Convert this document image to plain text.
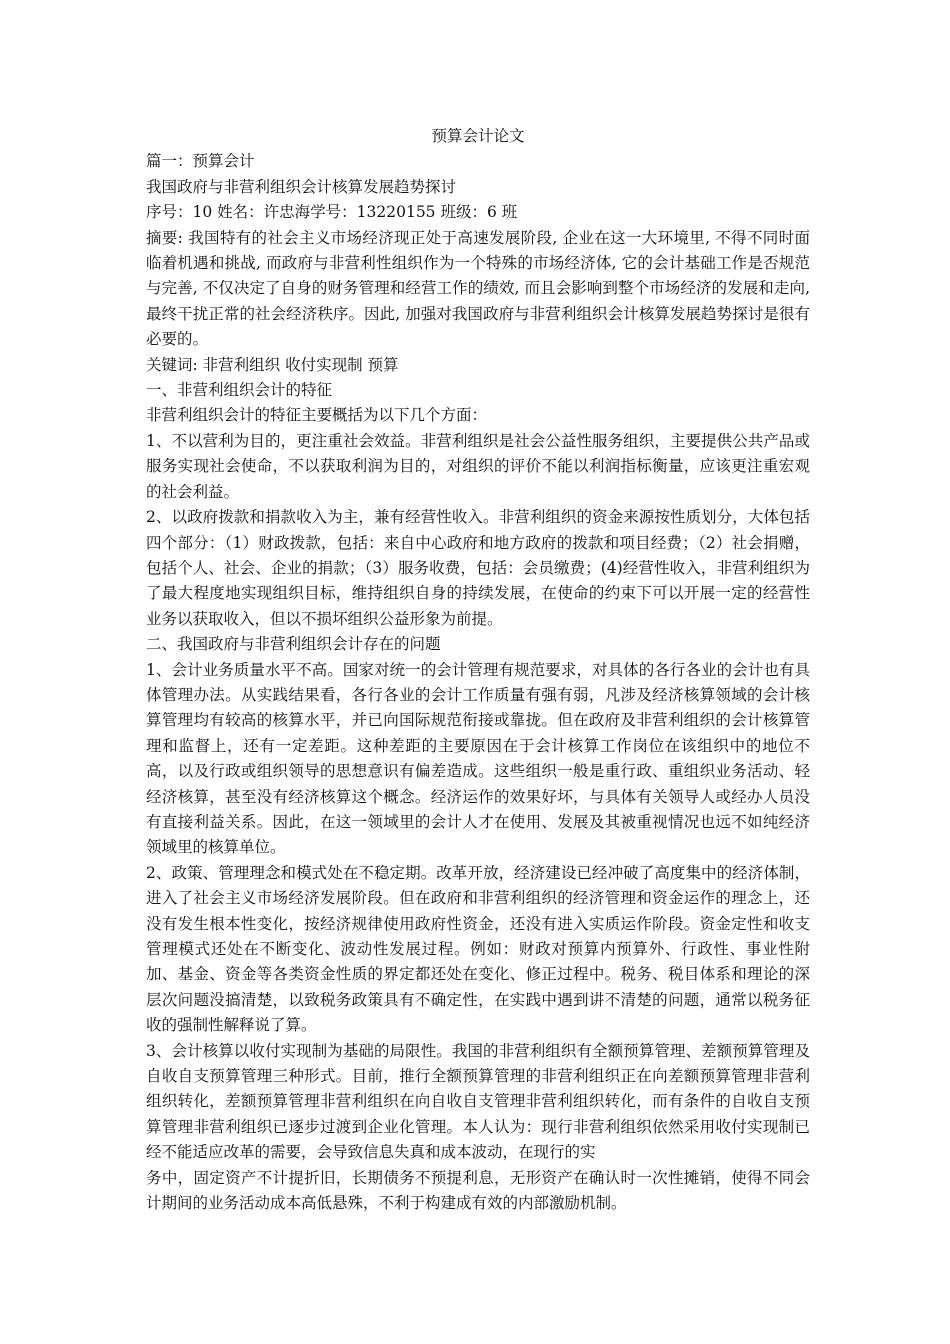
预算会计论文

篇一：预算会计

我国政府与非营利组织会计核算发展趋势探讨

序号：10 姓名：许忠海学号：13220155 班级：6 班

摘要: 我国特有的社会主义市场经济现正处于高速发展阶段, 企业在这一大环境里, 不得不同时面临着机遇和挑战, 而政府与非营利性组织作为一个特殊的市场经济体, 它的会计基础工作是否规范与完善, 不仅决定了自身的财务管理和经营工作的绩效, 而且会影响到整个市场经济的发展和走向, 最终干扰正常的社会经济秩序。因此, 加强对我国政府与非营利组织会计核算发展趋势探讨是很有必要的。

关键词: 非营利组织 收付实现制 预算

一、非营利组织会计的特征

非营利组织会计的特征主要概括为以下几个方面：

1、不以营利为目的，更注重社会效益。非营利组织是社会公益性服务组织，主要提供公共产品或服务实现社会使命，不以获取利润为目的，对组织的评价不能以利润指标衡量，应该更注重宏观的社会利益。

2、以政府拨款和捐款收入为主，兼有经营性收入。非营利组织的资金来源按性质划分，大体包括四个部分：（1）财政拨款，包括：来自中心政府和地方政府的拨款和项目经费；（2）社会捐赠，包括个人、社会、企业的捐款；（3）服务收费，包括：会员缴费；(4)经营性收入，非营利组织为了最大程度地实现组织目标，维持组织自身的持续发展，在使命的约束下可以开展一定的经营性业务以获取收入，但以不损坏组织公益形象为前提。

二、我国政府与非营利组织会计存在的问题

1、会计业务质量水平不高。国家对统一的会计管理有规范要求，对具体的各行各业的会计也有具体管理办法。从实践结果看，各行各业的会计工作质量有强有弱，凡涉及经济核算领域的会计核算管理均有较高的核算水平，并已向国际规范衔接或靠拢。但在政府及非营利组织的会计核算管理和监督上，还有一定差距。这种差距的主要原因在于会计核算工作岗位在该组织中的地位不高，以及行政或组织领导的思想意识有偏差造成。这些组织一般是重行政、重组织业务活动、轻经济核算，甚至没有经济核算这个概念。经济运作的效果好坏，与具体有关领导人或经办人员没有直接利益关系。因此，在这一领域里的会计人才在使用、发展及其被重视情况也远不如纯经济领域里的核算单位。

2、政策、管理理念和模式处在不稳定期。改革开放，经济建设已经冲破了高度集中的经济体制，进入了社会主义市场经济发展阶段。但在政府和非营利组织的经济管理和资金运作的理念上，还没有发生根本性变化，按经济规律使用政府性资金，还没有进入实质运作阶段。资金定性和收支管理模式还处在不断变化、波动性发展过程。例如：财政对预算内预算外、行政性、事业性附加、基金、资金等各类资金性质的界定都还处在变化、修正过程中。税务、税目体系和理论的深层次问题没搞清楚，以致税务政策具有不确定性，在实践中遇到讲不清楚的问题，通常以税务征收的强制性解释说了算。

3、会计核算以收付实现制为基础的局限性。我国的非营利组织有全额预算管理、差额预算管理及自收自支预算管理三种形式。目前，推行全额预算管理的非营利组织正在向差额预算管理非营利组织转化，差额预算管理非营利组织在向自收自支管理非营利组织转化，而有条件的自收自支预算管理非营利组织已逐步过渡到企业化管理。本人认为：现行非营利组织依然采用收付实现制已经不能适应改革的需要，会导致信息失真和成本波动，在现行的实

务中，固定资产不计提折旧，长期债务不预提利息，无形资产在确认时一次性摊销，使得不同会计期间的业务活动成本高低悬殊，不利于构建成有效的内部激励机制。
